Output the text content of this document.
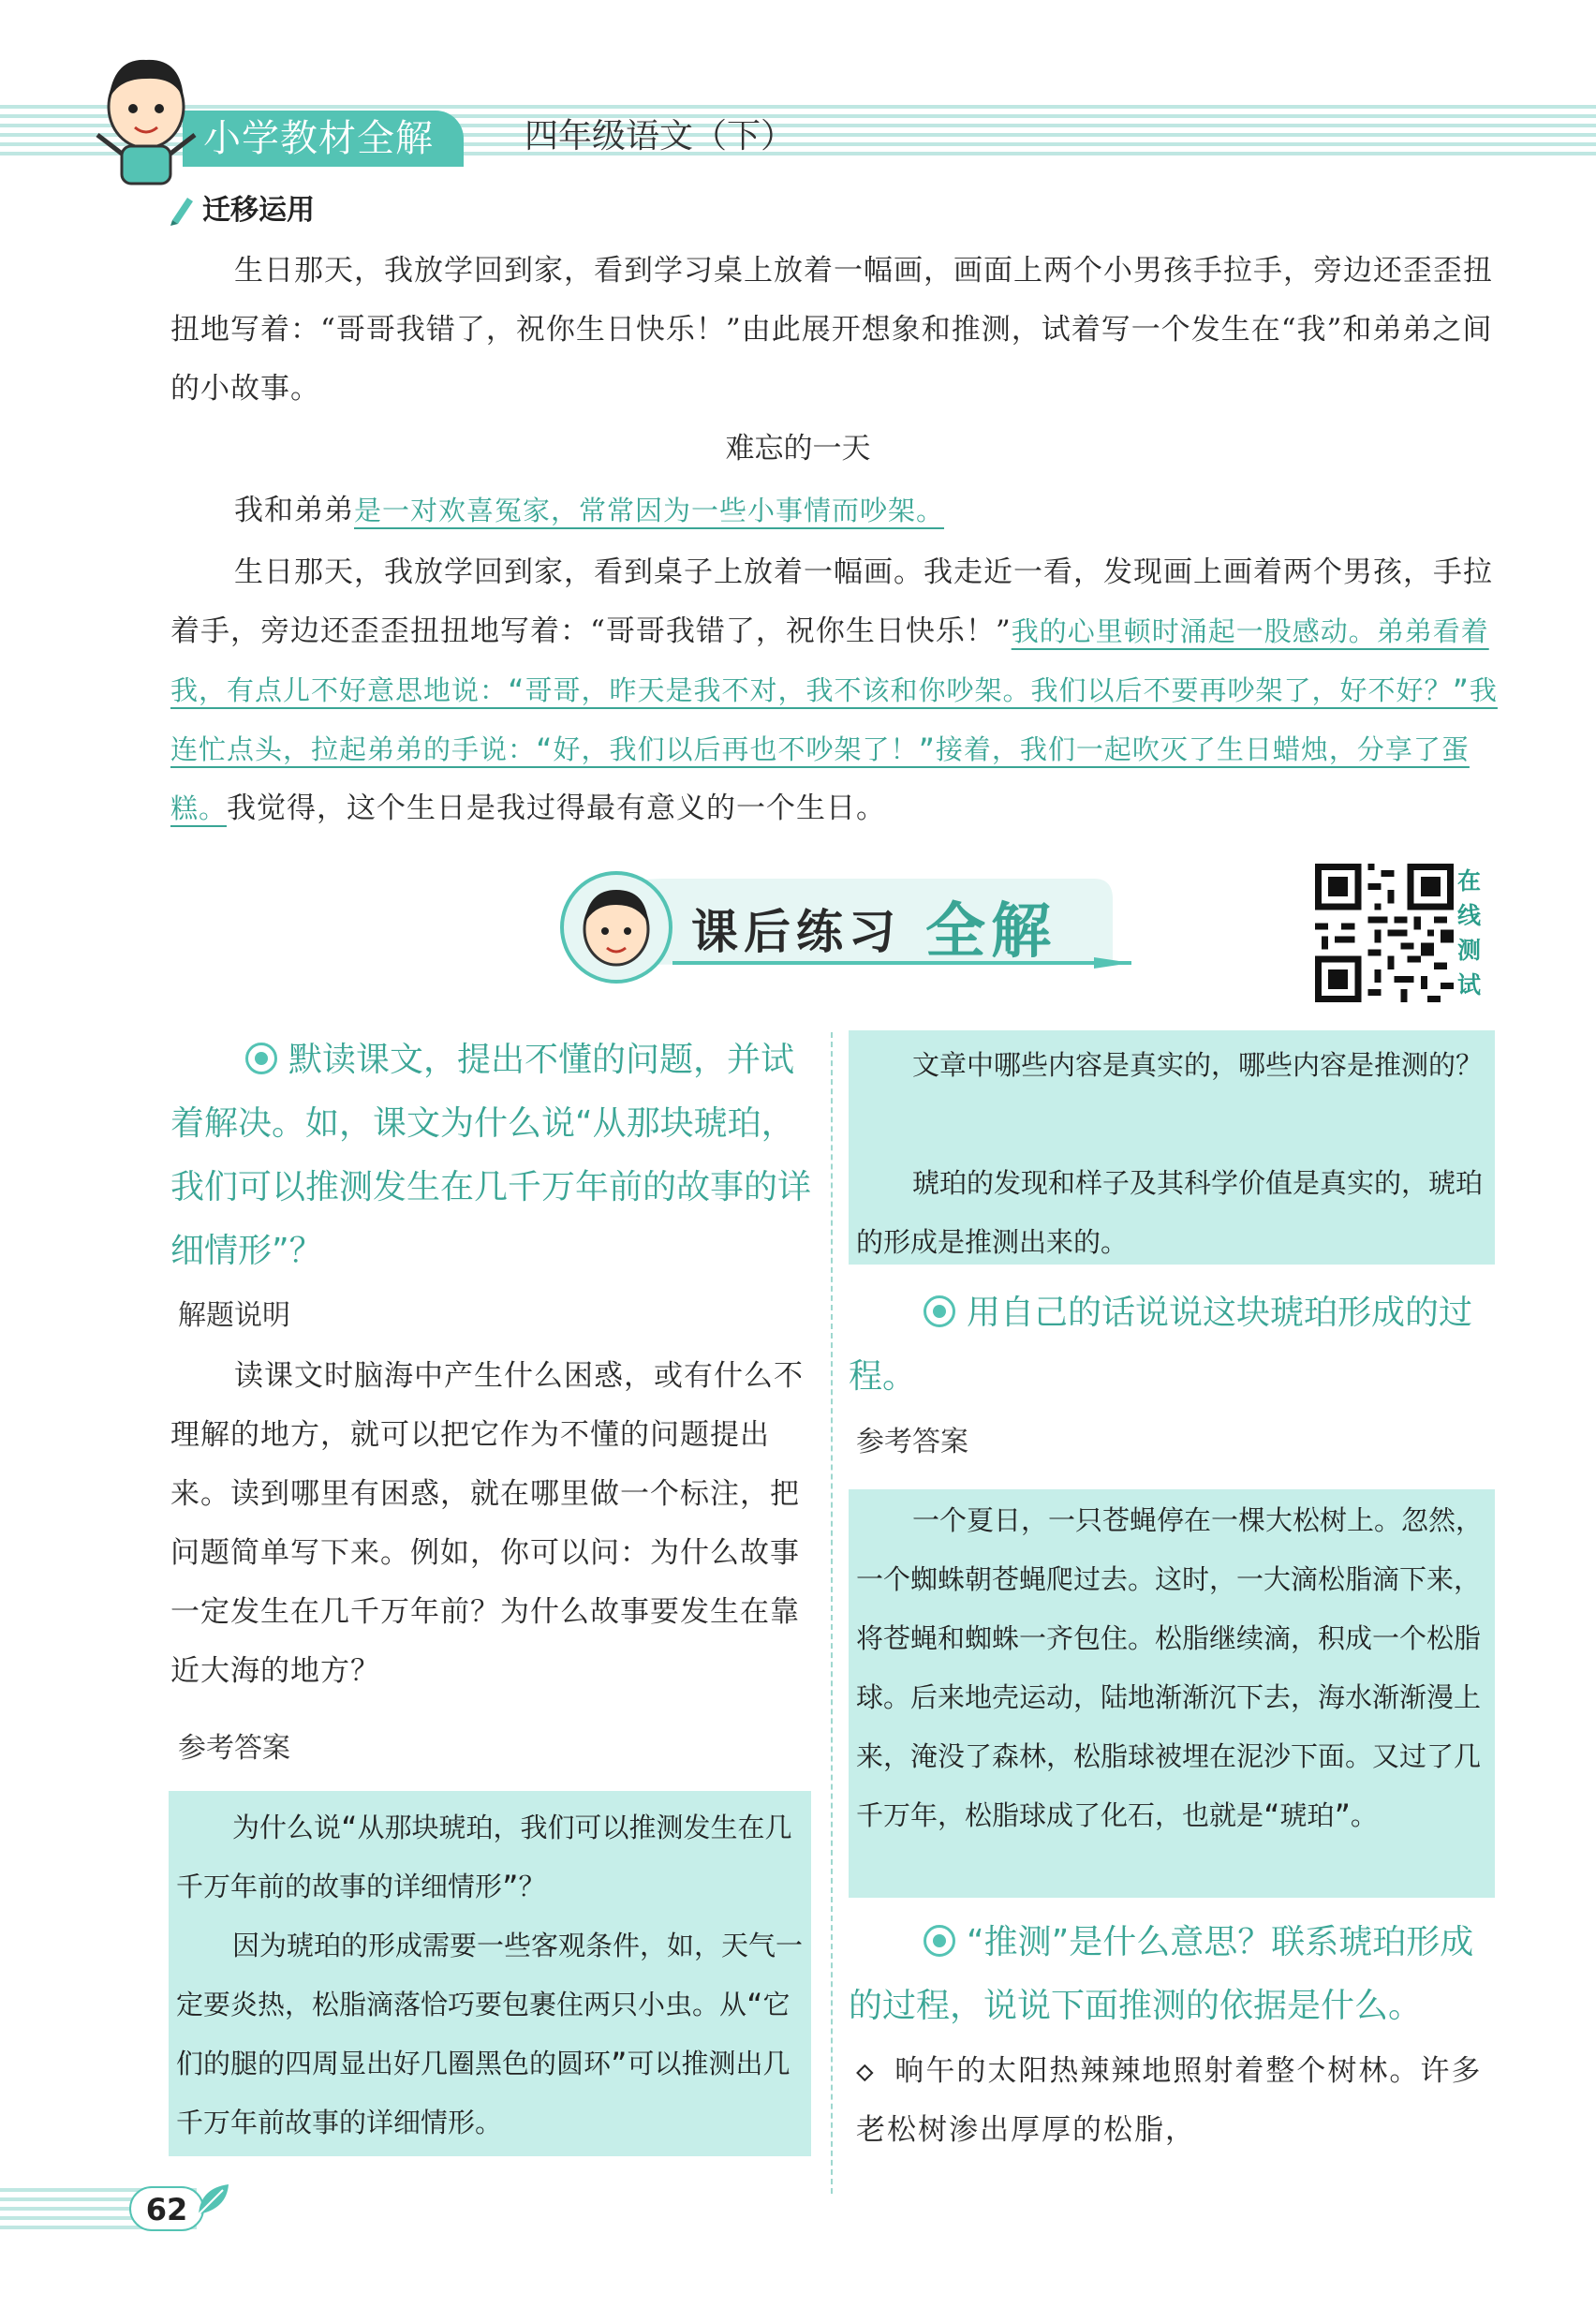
小学教材全解	四年级语文（下）
迁移运用
生日那天，我放学回到家，看到学习桌上放着一幅画，画面上两个小男孩手拉手，旁边还歪歪扭扭地写着：“哥哥我错了，祝你生日快乐！”由此展开想象和推测，试着写一个发生在“我”和弟弟之间的小故事。
难忘的一天
我和弟弟是一对欢喜冤家，常常因为一些小事情而吵架。
生日那天，我放学回到家，看到桌子上放着一幅画。我走近一看，发现画上画着两个男孩，手拉着手，旁边还歪歪扭扭地写着：“哥哥我错了，祝你生日快乐！”我的心里顿时涌起一股感动。弟弟看着我，有点儿不好意思地说：“哥哥，昨天是我不对，我不该和你吵架。我们以后不要再吵架了，好不好？”我连忙点头，拉起弟弟的手说：“好，我们以后再也不吵架了！”接着，我们一起吹灭了生日蜡烛，分享了蛋糕。我觉得，这个生日是我过得最有意义的一个生日。
课后练习 全解
在线测试
默读课文，提出不懂的问题，并试着解决。如，课文为什么说“从那块琥珀，我们可以推测发生在几千万年前的故事的详细情形”？
解题说明
读课文时脑海中产生什么困惑，或有什么不理解的地方，就可以把它作为不懂的问题提出来。读到哪里有困惑，就在哪里做一个标注，把问题简单写下来。例如，你可以问：为什么故事一定发生在几千万年前？为什么故事要发生在靠近大海的地方？
参考答案
为什么说“从那块琥珀，我们可以推测发生在几千万年前的故事的详细情形”？
因为琥珀的形成需要一些客观条件，如，天气一定要炎热，松脂滴落恰巧要包裹住两只小虫。从“它们的腿的四周显出好几圈黑色的圆环”可以推测出几千万年前故事的详细情形。
文章中哪些内容是真实的，哪些内容是推测的？
琥珀的发现和样子及其科学价值是真实的，琥珀的形成是推测出来的。
用自己的话说说这块琥珀形成的过程。
参考答案
一个夏日，一只苍蝇停在一棵大松树上。忽然，一个蜘蛛朝苍蝇爬过去。这时，一大滴松脂滴下来，将苍蝇和蜘蛛一齐包住。松脂继续滴，积成一个松脂球。后来地壳运动，陆地渐渐沉下去，海水渐渐漫上来，淹没了森林，松脂球被埋在泥沙下面。又过了几千万年，松脂球成了化石，也就是“琥珀”。
“推测”是什么意思？联系琥珀形成的过程，说说下面推测的依据是什么。
◇ 晌午的太阳热辣辣地照射着整个树林。许多老松树渗出厚厚的松脂，
62
